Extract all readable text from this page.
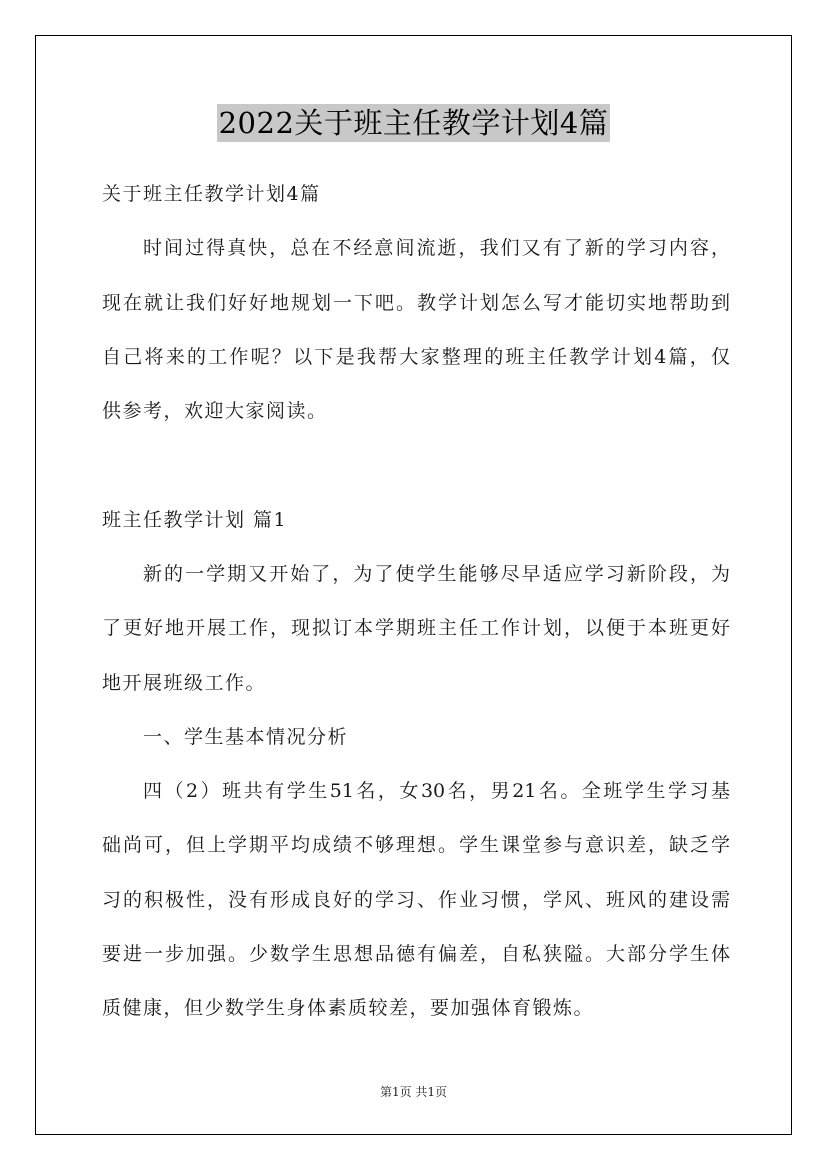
2022关于班主任教学计划4篇
关于班主任教学计划4篇
时间过得真快，总在不经意间流逝，我们又有了新的学习内容，
现在就让我们好好地规划一下吧。教学计划怎么写才能切实地帮助到
自己将来的工作呢？以下是我帮大家整理的班主任教学计划4篇，仅
供参考，欢迎大家阅读。
班主任教学计划 篇1
新的一学期又开始了，为了使学生能够尽早适应学习新阶段，为
了更好地开展工作，现拟订本学期班主任工作计划，以便于本班更好
地开展班级工作。
一、学生基本情况分析
四（2）班共有学生51名，女30名，男21名。全班学生学习基
础尚可，但上学期平均成绩不够理想。学生课堂参与意识差，缺乏学
习的积极性，没有形成良好的学习、作业习惯，学风、班风的建设需
要进一步加强。少数学生思想品德有偏差，自私狭隘。大部分学生体
质健康，但少数学生身体素质较差，要加强体育锻炼。
第1页 共1页
